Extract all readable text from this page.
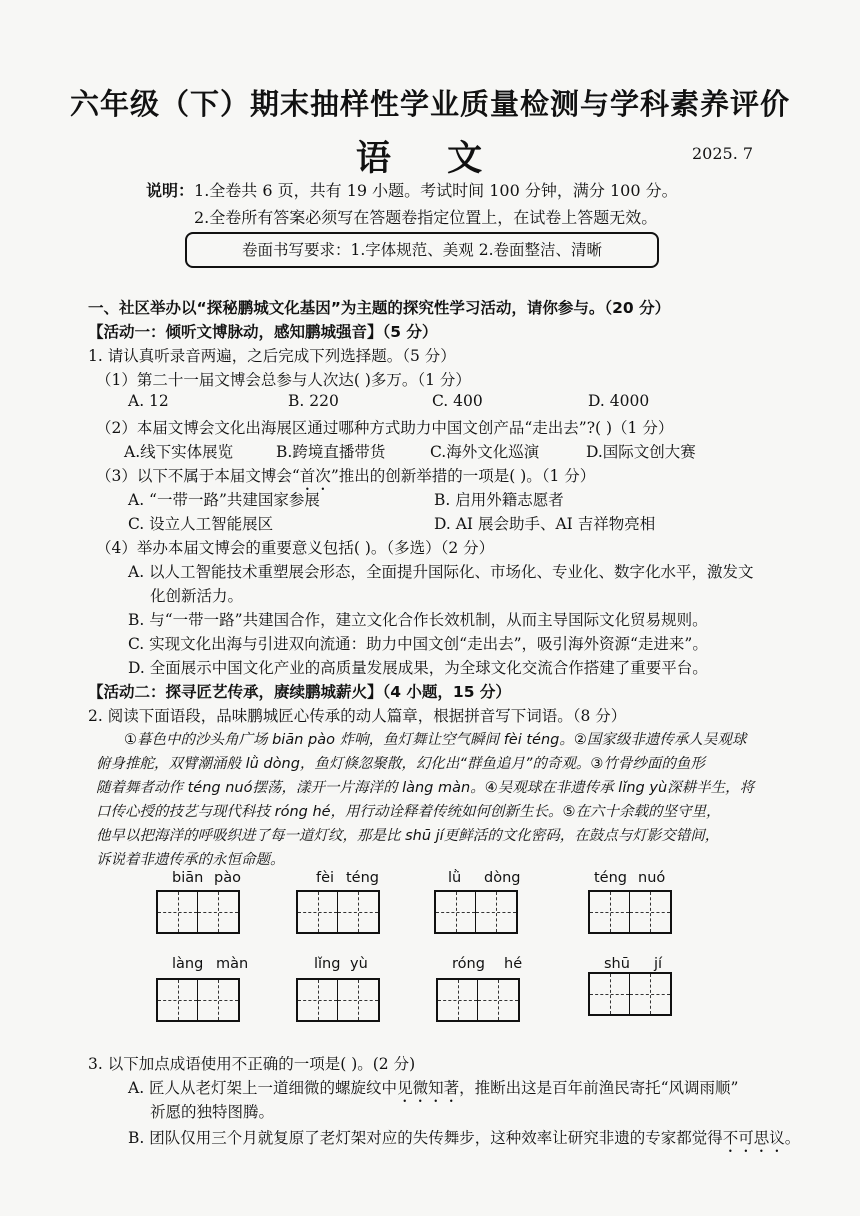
六年级（下）期末抽样性学业质量检测与学科素养评价
语 文	2025. 7
说明：1.全卷共 6 页，共有 19 小题。考试时间 100 分钟，满分 100 分。
2.全卷所有答案必须写在答题卷指定位置上，在试卷上答题无效。
卷面书写要求：1.字体规范、美观 2.卷面整洁、清晰
一、社区举办以“探秘鹏城文化基因”为主题的探究性学习活动，请你参与。（20 分）
【活动一：倾听文博脉动，感知鹏城强音】（5 分）
1. 请认真听录音两遍，之后完成下列选择题。（5 分）
（1）第二十一届文博会总参与人次达( )多万。（1 分）
A. 12	B. 220	C. 400	D. 4000
（2）本届文博会文化出海展区通过哪种方式助力中国文创产品“走出去”?( )（1 分）
A.线下实体展览	B.跨境直播带货	C.海外文化巡演	D.国际文创大赛
（3）以下不属于本届文博会“首次”推出的创新举措的一项是( )。（1 分）
A. “一带一路”共建国家参展	B. 启用外籍志愿者
C. 设立人工智能展区	D. AI 展会助手、AI 吉祥物亮相
（4）举办本届文博会的重要意义包括( )。（多选）（2 分）
A. 以人工智能技术重塑展会形态，全面提升国际化、市场化、专业化、数字化水平，激发文
化创新活力。
B. 与“一带一路”共建国合作，建立文化合作长效机制，从而主导国际文化贸易规则。
C. 实现文化出海与引进双向流通：助力中国文创“走出去”，吸引海外资源“走进来”。
D. 全面展示中国文化产业的高质量发展成果，为全球文化交流合作搭建了重要平台。
【活动二：探寻匠艺传承，赓续鹏城薪火】（4 小题，15 分）
2. 阅读下面语段，品味鹏城匠心传承的动人篇章，根据拼音写下词语。（8 分）
①暮色中的沙头角广场 biān pào 炸响，鱼灯舞让空气瞬间 fèi téng。②国家级非遗传承人吴观球
俯身推舵，双臂潮涌般 lǜ dòng，鱼灯倏忽聚散，幻化出“群鱼追月”的奇观。③竹骨纱面的鱼形
随着舞者动作 téng nuó摆荡，漾开一片海洋的 làng màn。④吴观球在非遗传承 lǐng yù深耕半生，将
口传心授的技艺与现代科技 róng hé，用行动诠释着传统如何创新生长。⑤在六十余载的坚守里，
他早以把海洋的呼吸织进了每一道灯纹，那是比 shū jí更鲜活的文化密码，在鼓点与灯影交错间，
诉说着非遗传承的永恒命题。
biān pào	fèi téng	lǜ dòng	téng nuó
làng màn	lǐng yù	róng hé	shū jí
3. 以下加点成语使用不正确的一项是( )。(2 分)
A. 匠人从老灯架上一道细微的螺旋纹中见微知著，推断出这是百年前渔民寄托“风调雨顺”
祈愿的独特图腾。
B. 团队仅用三个月就复原了老灯架对应的失传舞步，这种效率让研究非遗的专家都觉得不可思议。
